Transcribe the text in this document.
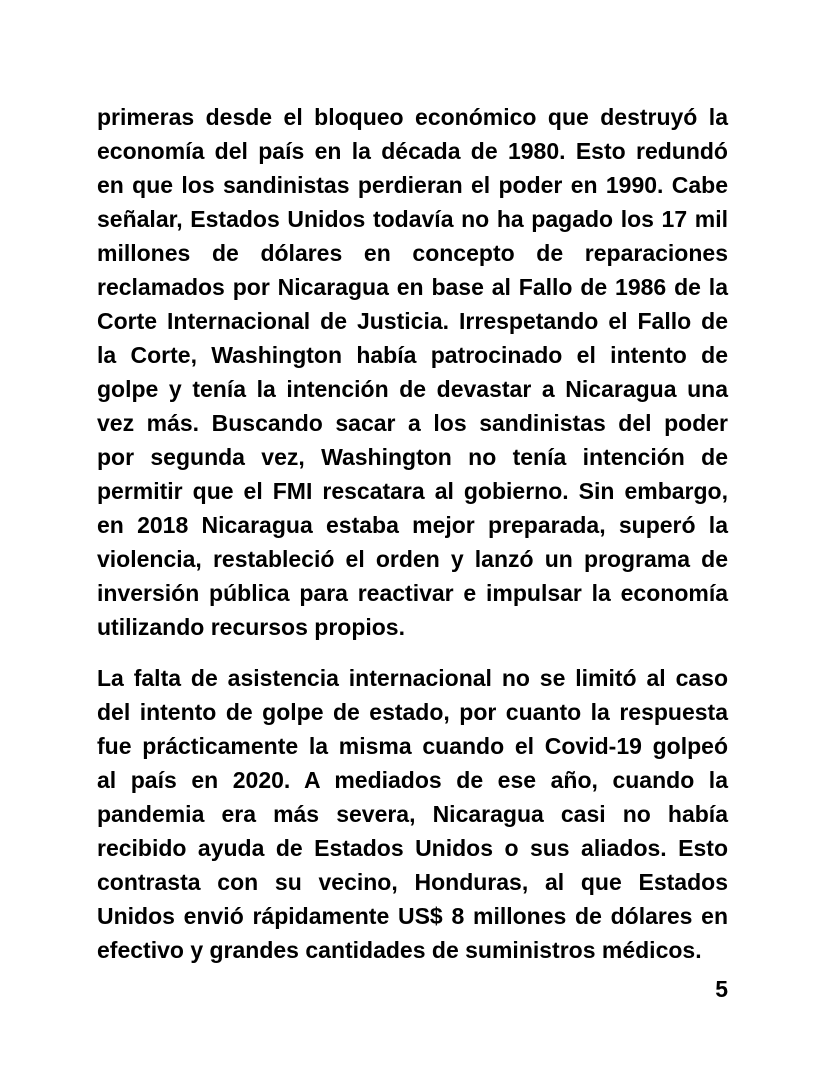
primeras desde el bloqueo económico que destruyó la
economía del país en la década de 1980. Esto redundó
en que los sandinistas perdieran el poder en 1990. Cabe
señalar, Estados Unidos todavía no ha pagado los 17 mil
millones de dólares en concepto de reparaciones
reclamados por Nicaragua en base al Fallo de 1986 de la
Corte Internacional de Justicia. Irrespetando el Fallo de
la Corte, Washington había patrocinado el intento de
golpe y tenía la intención de devastar a Nicaragua una
vez más. Buscando sacar a los sandinistas del poder
por segunda vez, Washington no tenía intención de
permitir que el FMI rescatara al gobierno. Sin embargo,
en 2018 Nicaragua estaba mejor preparada, superó la
violencia, restableció el orden y lanzó un programa de
inversión pública para reactivar e impulsar la economía
utilizando recursos propios.
La falta de asistencia internacional no se limitó al caso
del intento de golpe de estado, por cuanto la respuesta
fue prácticamente la misma cuando el Covid-19 golpeó
al país en 2020. A mediados de ese año, cuando la
pandemia era más severa, Nicaragua casi no había
recibido ayuda de Estados Unidos o sus aliados. Esto
contrasta con su vecino, Honduras, al que Estados
Unidos envió rápidamente US$ 8 millones de dólares en
efectivo y grandes cantidades de suministros médicos.
5
